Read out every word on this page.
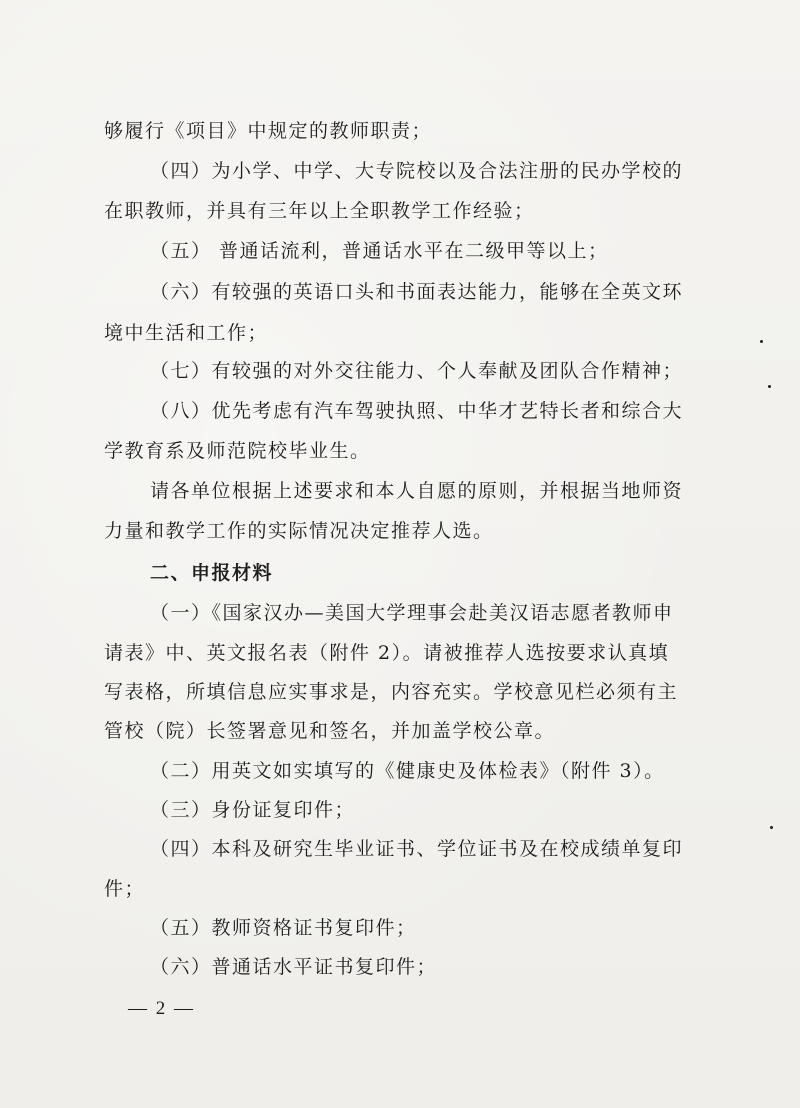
够履行《项目》中规定的教师职责；
（四）为小学、中学、大专院校以及合法注册的民办学校的
在职教师，并具有三年以上全职教学工作经验；
（五） 普通话流利，普通话水平在二级甲等以上；
（六）有较强的英语口头和书面表达能力，能够在全英文环
境中生活和工作；
（七）有较强的对外交往能力、个人奉献及团队合作精神；
（八）优先考虑有汽车驾驶执照、中华才艺特长者和综合大
学教育系及师范院校毕业生。
请各单位根据上述要求和本人自愿的原则，并根据当地师资
力量和教学工作的实际情况决定推荐人选。
二、申报材料
（一）《国家汉办—美国大学理事会赴美汉语志愿者教师申
请表》中、英文报名表（附件 2）。请被推荐人选按要求认真填
写表格，所填信息应实事求是，内容充实。学校意见栏必须有主
管校（院）长签署意见和签名，并加盖学校公章。
（二）用英文如实填写的《健康史及体检表》（附件 3）。
（三）身份证复印件；
（四）本科及研究生毕业证书、学位证书及在校成绩单复印
件；
（五）教师资格证书复印件；
（六）普通话水平证书复印件；
— 2 —
